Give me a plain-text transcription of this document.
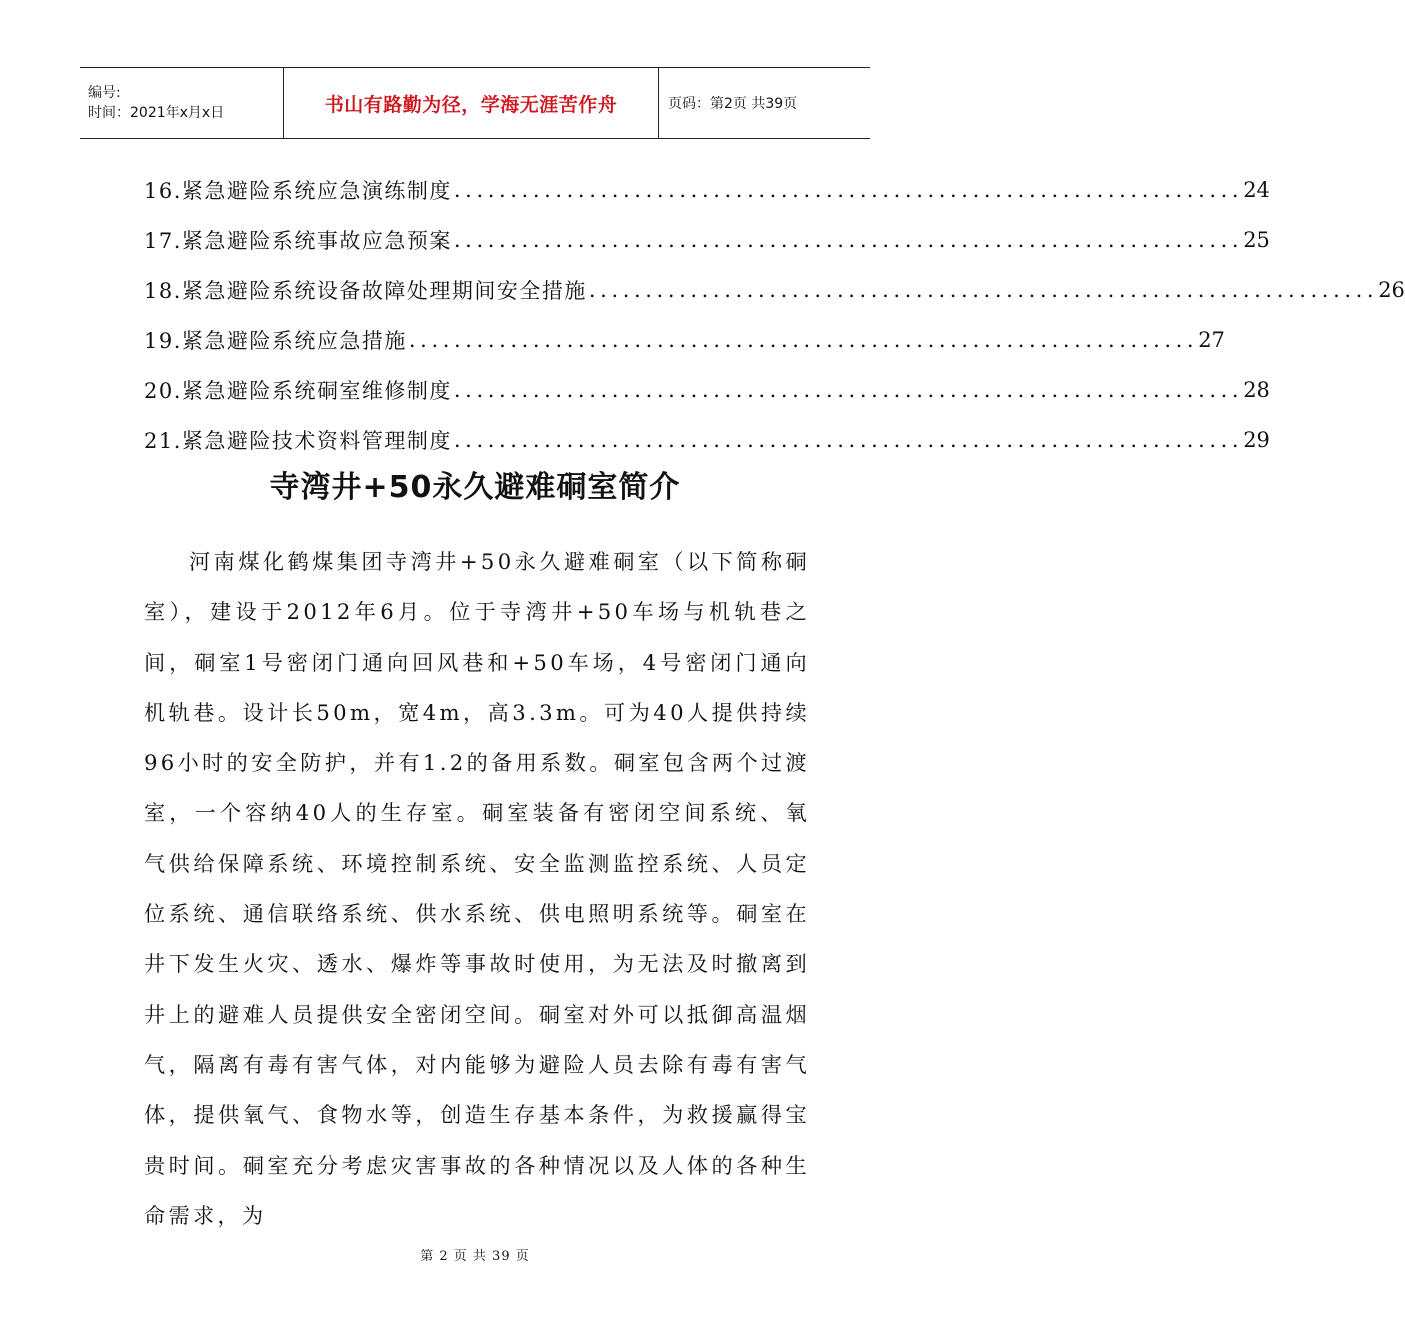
编号:
时间：2021年x月x日	书山有路勤为径，学海无涯苦作舟	页码：第2页 共39页
16.紧急避险系统应急演练制度 ...................................................................... 24
17.紧急避险系统事故应急预案 ...................................................................... 25
18.紧急避险系统设备故障处理期间安全措施 ...................................................................... 26
19.紧急避险系统应急措施 ...................................................................... 27
20.紧急避险系统硐室维修制度 ...................................................................... 28
21.紧急避险技术资料管理制度 ...................................................................... 29
寺湾井+50永久避难硐室简介
河南煤化鹤煤集团寺湾井+50永久避难硐室（以下简称硐室），建设于2012年6月。位于寺湾井+50车场与机轨巷之间，硐室1号密闭门通向回风巷和+50车场，4号密闭门通向机轨巷。设计长50m，宽4m，高3.3m。可为40人提供持续96小时的安全防护，并有1.2的备用系数。硐室包含两个过渡室，一个容纳40人的生存室。硐室装备有密闭空间系统、氧气供给保障系统、环境控制系统、安全监测监控系统、人员定位系统、通信联络系统、供水系统、供电照明系统等。硐室在井下发生火灾、透水、爆炸等事故时使用，为无法及时撤离到井上的避难人员提供安全密闭空间。硐室对外可以抵御高温烟气，隔离有毒有害气体，对内能够为避险人员去除有毒有害气体，提供氧气、食物水等，创造生存基本条件，为救援赢得宝贵时间。硐室充分考虑灾害事故的各种情况以及人体的各种生命需求，为
第 2 页 共 39 页
